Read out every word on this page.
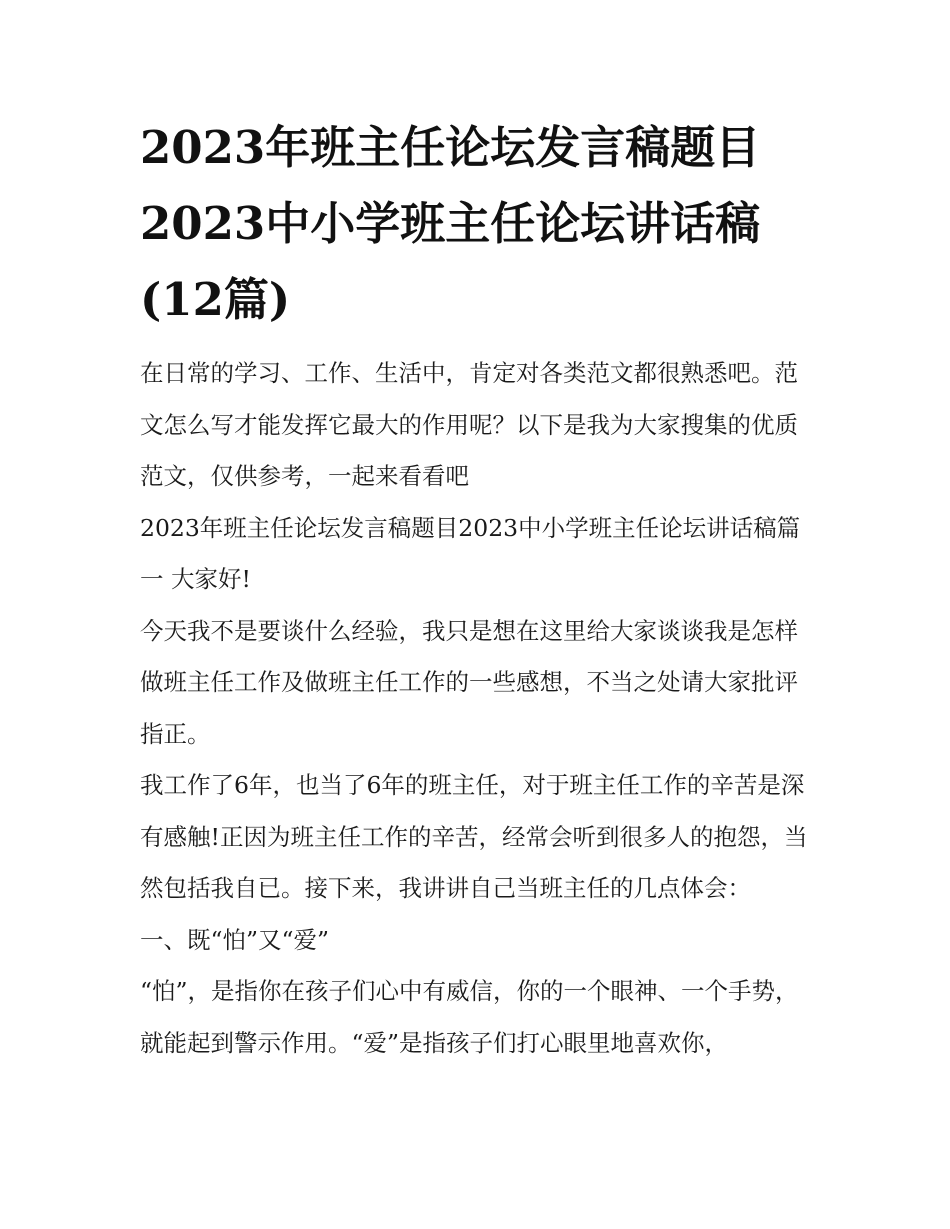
2023年班主任论坛发言稿题目2023中小学班主任论坛讲话稿(12篇)

在日常的学习、工作、生活中，肯定对各类范文都很熟悉吧。范文怎么写才能发挥它最大的作用呢？以下是我为大家搜集的优质范文，仅供参考，一起来看看吧

2023年班主任论坛发言稿题目2023中小学班主任论坛讲话稿篇一 大家好!

今天我不是要谈什么经验，我只是想在这里给大家谈谈我是怎样做班主任工作及做班主任工作的一些感想，不当之处请大家批评指正。

我工作了6年，也当了6年的班主任，对于班主任工作的辛苦是深有感触!正因为班主任工作的辛苦，经常会听到很多人的抱怨，当然包括我自已。接下来，我讲讲自己当班主任的几点体会：

一、既“怕”又“爱”

“怕”，是指你在孩子们心中有威信，你的一个眼神、一个手势，就能起到警示作用。“爱”是指孩子们打心眼里地喜欢你，
